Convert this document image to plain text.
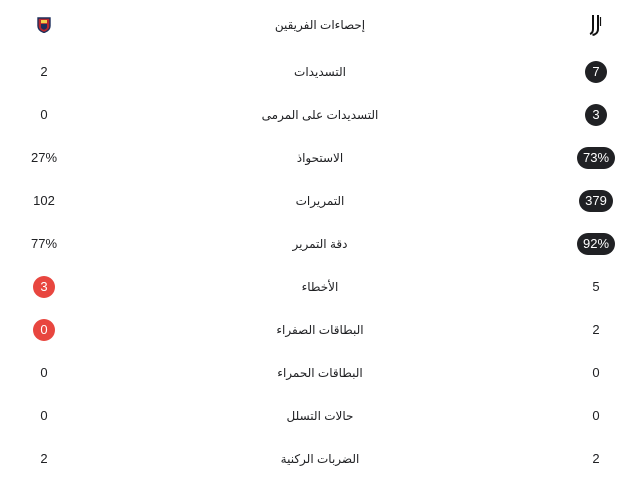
إحصاءات الفريقين
2	التسديدات	7
0	التسديدات على المرمى	3
27%	الاستحواذ	73%
102	التمريرات	379
77%	دقة التمرير	92%
3	الأخطاء	5
0	البطاقات الصفراء	2
0	البطاقات الحمراء	0
0	حالات التسلل	0
2	الضربات الركنية	2
